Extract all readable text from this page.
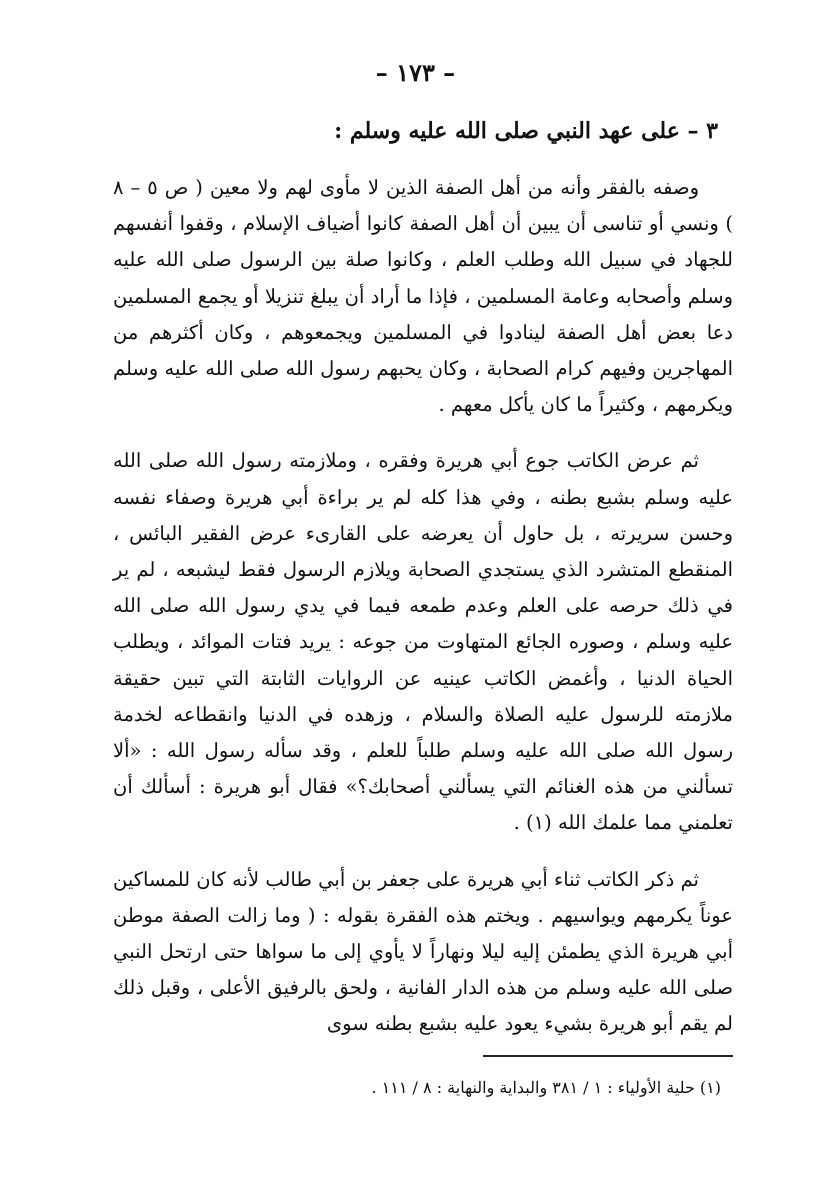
– ١٧٣ –
٣ – على عهد النبي صلى الله عليه وسلم :

وصفه بالفقر وأنه من أهل الصفة الذين لا مأوى لهم ولا معين ( ص ٥ – ٨ ) ونسي أو تناسى أن يبين أن أهل الصفة كانوا أضياف الإسلام ، وقفوا أنفسهم للجهاد في سبيل الله وطلب العلم ، وكانوا صلة بين الرسول صلى الله عليه وسلم وأصحابه وعامة المسلمين ، فإذا ما أراد أن يبلغ تنزيلا أو يجمع المسلمين دعا بعض أهل الصفة لينادوا في المسلمين ويجمعوهم ، وكان أكثرهم من المهاجرين وفيهم كرام الصحابة ، وكان يحبهم رسول الله صلى الله عليه وسلم ويكرمهم ، وكثيراً ما كان يأكل معهم .

ثم عرض الكاتب جوع أبي هريرة وفقره ، وملازمته رسول الله صلى الله عليه وسلم بشبع بطنه ، وفي هذا كله لم ير براءة أبي هريرة وصفاء نفسه وحسن سريرته ، بل حاول أن يعرضه على القارىء عرض الفقير البائس ، المنقطع المتشرد الذي يستجدي الصحابة ويلازم الرسول فقط ليشبعه ، لم ير في ذلك حرصه على العلم وعدم طمعه فيما في يدي رسول الله صلى الله عليه وسلم ، وصوره الجائع المتهاوت من جوعه : يريد فتات الموائد ، ويطلب الحياة الدنيا ، وأغمض الكاتب عينيه عن الروايات الثابتة التي تبين حقيقة ملازمته للرسول عليه الصلاة والسلام ، وزهده في الدنيا وانقطاعه لخدمة رسول الله صلى الله عليه وسلم طلباً للعلم ، وقد سأله رسول الله : «ألا تسألني من هذه الغنائم التي يسألني أصحابك؟» فقال أبو هريرة : أسألك أن تعلمني مما علمك الله (١) .

ثم ذكر الكاتب ثناء أبي هريرة على جعفر بن أبي طالب لأنه كان للمساكين عوناً يكرمهم ويواسيهم . ويختم هذه الفقرة بقوله : ( وما زالت الصفة موطن أبي هريرة الذي يطمئن إليه ليلا ونهاراً لا يأوي إلى ما سواها حتى ارتحل النبي صلى الله عليه وسلم من هذه الدار الفانية ، ولحق بالرفيق الأعلى ، وقبل ذلك لم يقم أبو هريرة بشيء يعود عليه بشبع بطنه سوى

(١) حلية الأولياء : ١ / ٣٨١ والبداية والنهاية : ٨ / ١١١ .
